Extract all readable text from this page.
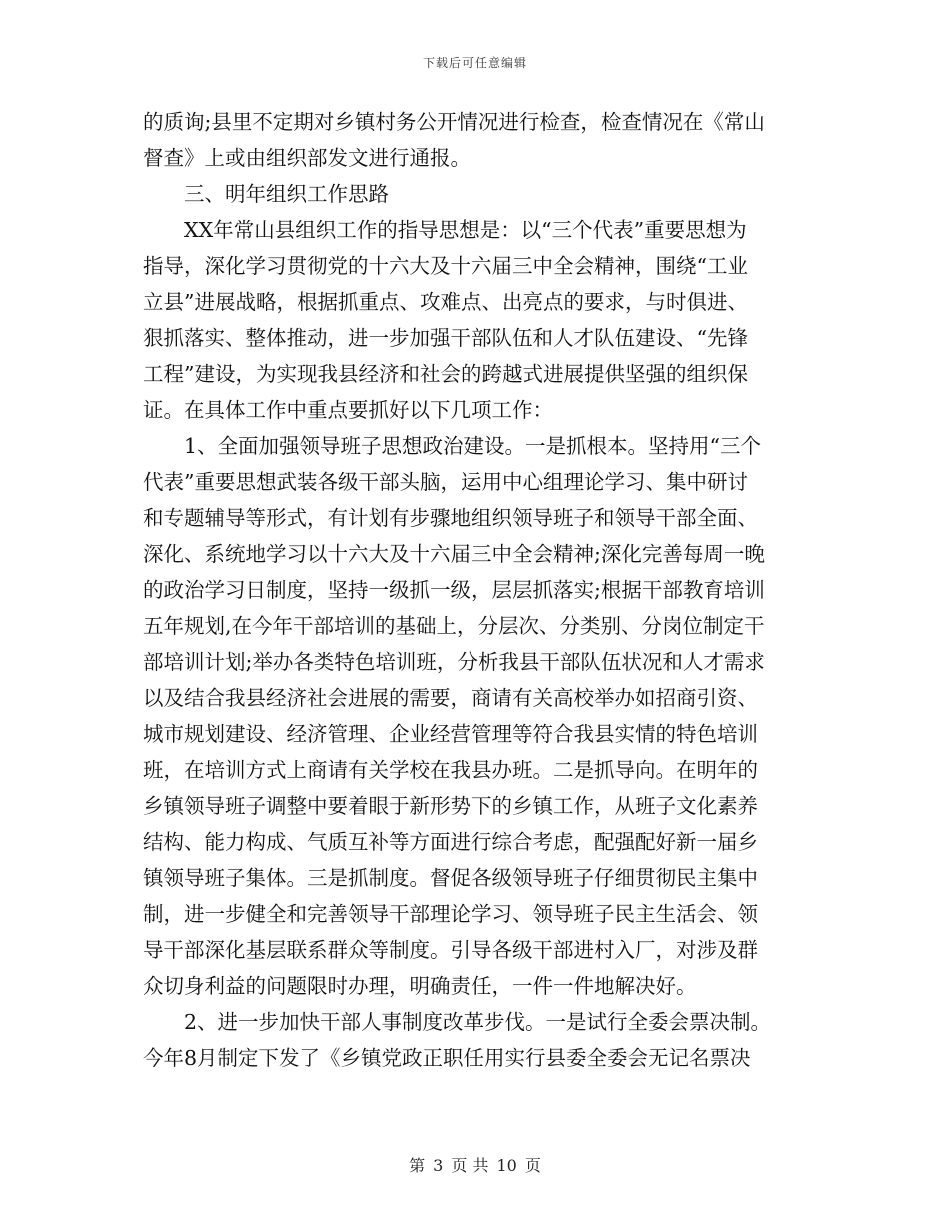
下载后可任意编辑
的质询;县里不定期对乡镇村务公开情况进行检查，检查情况在《常山
督查》上或由组织部发文进行通报。
　　三、明年组织工作思路
　　XX年常山县组织工作的指导思想是：以“三个代表”重要思想为
指导，深化学习贯彻党的十六大及十六届三中全会精神，围绕“工业
立县”进展战略，根据抓重点、攻难点、出亮点的要求，与时俱进、
狠抓落实、整体推动，进一步加强干部队伍和人才队伍建设、“先锋
工程”建设，为实现我县经济和社会的跨越式进展提供坚强的组织保
证。在具体工作中重点要抓好以下几项工作：
　　1、全面加强领导班子思想政治建设。一是抓根本。坚持用“三个
代表”重要思想武装各级干部头脑，运用中心组理论学习、集中研讨
和专题辅导等形式，有计划有步骤地组织领导班子和领导干部全面、
深化、系统地学习以十六大及十六届三中全会精神;深化完善每周一晚
的政治学习日制度，坚持一级抓一级，层层抓落实;根据干部教育培训
五年规划,在今年干部培训的基础上，分层次、分类别、分岗位制定干
部培训计划;举办各类特色培训班，分析我县干部队伍状况和人才需求
以及结合我县经济社会进展的需要，商请有关高校举办如招商引资、
城市规划建设、经济管理、企业经营管理等符合我县实情的特色培训
班，在培训方式上商请有关学校在我县办班。二是抓导向。在明年的
乡镇领导班子调整中要着眼于新形势下的乡镇工作，从班子文化素养
结构、能力构成、气质互补等方面进行综合考虑，配强配好新一届乡
镇领导班子集体。三是抓制度。督促各级领导班子仔细贯彻民主集中
制，进一步健全和完善领导干部理论学习、领导班子民主生活会、领
导干部深化基层联系群众等制度。引导各级干部进村入厂，对涉及群
众切身利益的问题限时办理，明确责任，一件一件地解决好。
　　2、进一步加快干部人事制度改革步伐。一是试行全委会票决制。
今年8月制定下发了《乡镇党政正职任用实行县委全委会无记名票决
第 3 页 共 10 页
